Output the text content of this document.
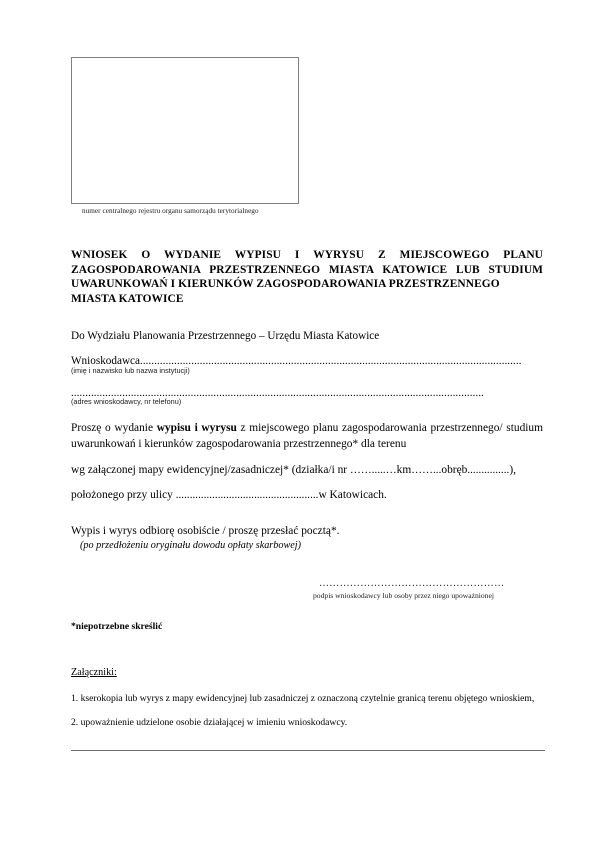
numer centralnego rejestru organu samorządu terytorialnego
WNIOSEK O WYDANIE WYPISU I WYRYSU Z MIEJSCOWEGO PLANU ZAGOSPODAROWANIA PRZESTRZENNEGO MIASTA KATOWICE LUB STUDIUM UWARUNKOWAŃ I KIERUNKÓW ZAGOSPODAROWANIA PRZESTRZENNEGO
MIASTA KATOWICE
Do Wydziału Planowania Przestrzennego – Urzędu Miasta Katowice
Wnioskodawca......................................................................................................................................
(imię i nazwisko lub nazwa instytucji)
.................................................................................................................................................
(adres wnioskodawcy, nr telefonu)
Proszę o wydanie wypisu i wyrysu z miejscowego planu zagospodarowania przestrzennego/ studium uwarunkowań i kierunków zagospodarowania przestrzennego* dla terenu
wg załączonej mapy ewidencyjnej/zasadniczej* (działka/i nr …….....…km……...obręb...............),
położonego przy ulicy ...................................................w Katowicach.
Wypis i wyrys odbiorę osobiście / proszę przesłać pocztą*.
(po przedłożeniu oryginału dowodu opłaty skarbowej)
………………………………………………
podpis wnioskodawcy lub osoby przez niego upoważnionej
*niepotrzebne skreślić
Załączniki:
1. kserokopia lub wyrys z mapy ewidencyjnej lub zasadniczej z oznaczoną czytelnie granicą terenu objętego wnioskiem,
2. upoważnienie udzielone osobie działającej w imieniu wnioskodawcy.
